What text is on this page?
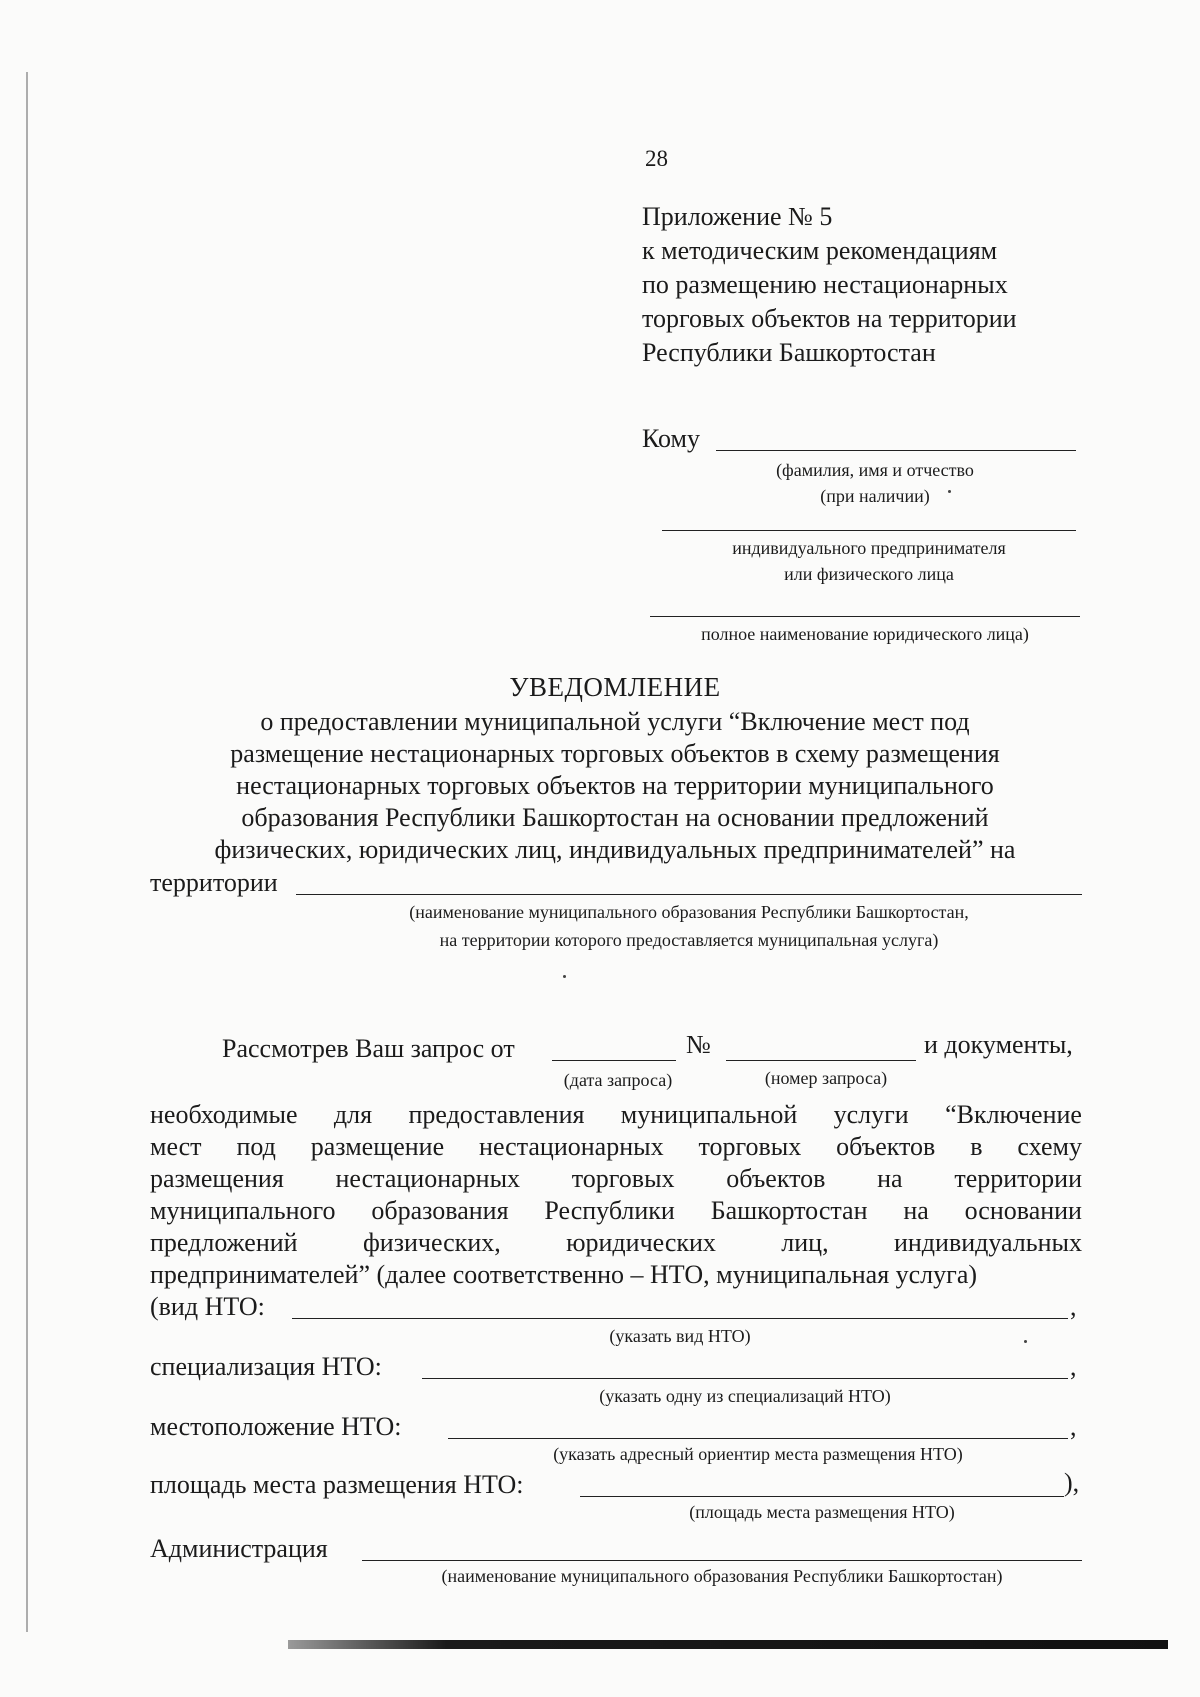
28
Приложение № 5
к методическим рекомендациям
по размещению нестационарных
торговых объектов на территории
Республики Башкортостан
Кому
(фамилия, имя и отчество
(при наличии)
индивидуального предпринимателя
или физического лица
полное наименование юридического лица)
УВЕДОМЛЕНИЕ
о предоставлении муниципальной услуги “Включение мест под
размещение нестационарных торговых объектов в схему размещения
нестационарных торговых объектов на территории муниципального
образования Республики Башкортостан на основании предложений
физических, юридических лиц, индивидуальных предпринимателей” на
территории
(наименование муниципального образования Республики Башкортостан,
на территории которого предоставляется муниципальная услуга)
Рассмотрев Ваш запрос от	№	и документы,
(дата запроса)	(номер запроса)
необходимые для предоставления муниципальной услуги “Включение
мест под размещение нестационарных торговых объектов в схему
размещения нестационарных торговых объектов на территории
муниципального образования Республики Башкортостан на основании
предложений	физических,	юридических	лиц,	индивидуальных
предпринимателей” (далее соответственно – НТО, муниципальная услуга)
(вид НТО:	,
(указать вид НТО)
специализация НТО:	,
(указать одну из специализаций НТО)
местоположение НТО:	,
(указать адресный ориентир места размещения НТО)
площадь места размещения НТО:	),
(площадь места размещения НТО)
Администрация
(наименование муниципального образования Республики Башкортостан)
